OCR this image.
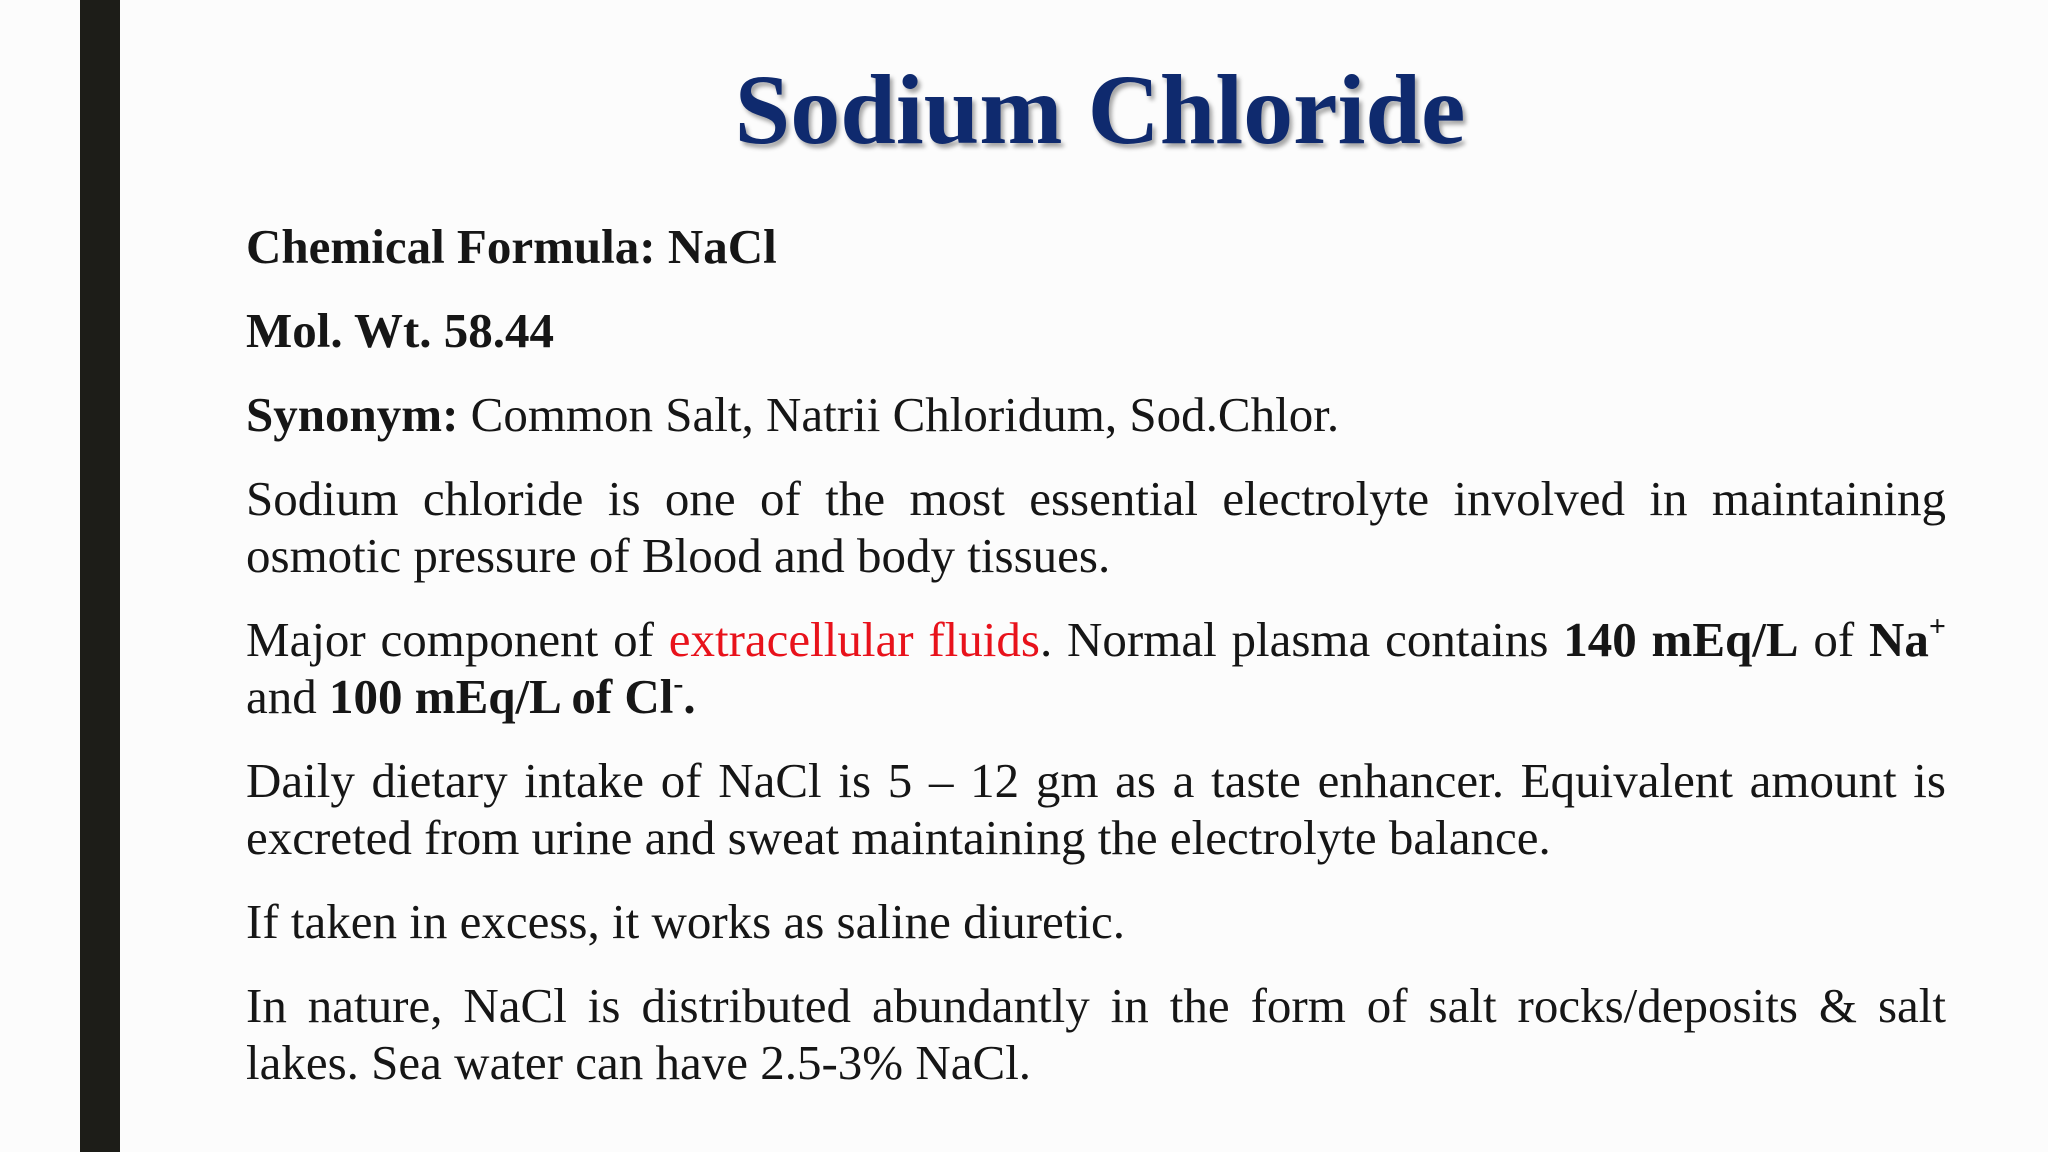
Sodium Chloride

Chemical Formula: NaCl

Mol. Wt. 58.44

Synonym: Common Salt, Natrii Chloridum, Sod.Chlor.

Sodium chloride is one of the most essential electrolyte involved in maintaining osmotic pressure of Blood and body tissues.

Major component of extracellular fluids. Normal plasma contains 140 mEq/L of Na+ and 100 mEq/L of Cl-.

Daily dietary intake of NaCl is 5 – 12 gm as a taste enhancer. Equivalent amount is excreted from urine and sweat maintaining the electrolyte balance.

If taken in excess, it works as saline diuretic.

In nature, NaCl is distributed abundantly in the form of salt rocks/deposits & salt lakes. Sea water can have 2.5-3% NaCl.
